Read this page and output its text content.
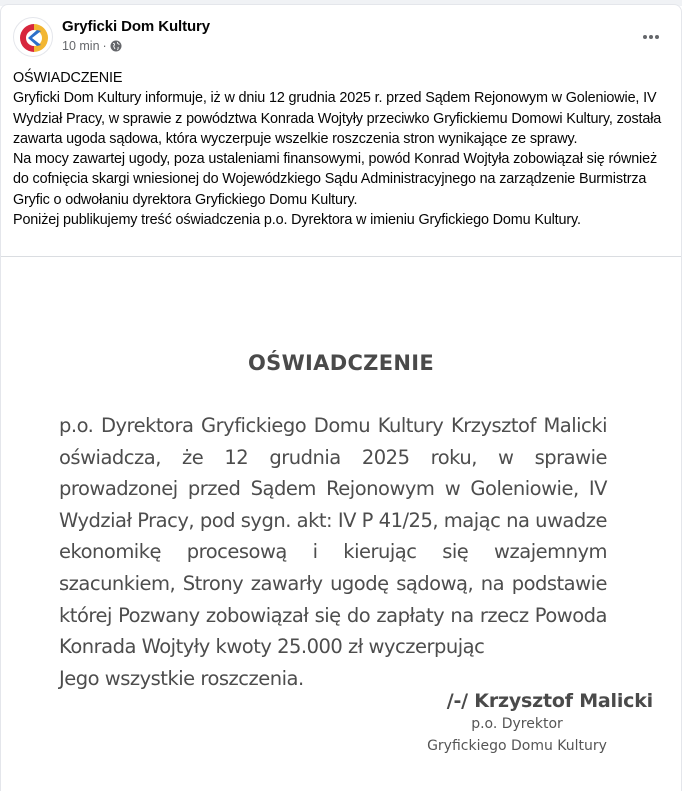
Gryficki Dom Kultury
10 min ·

OŚWIADCZENIE

Gryficki Dom Kultury informuje, iż w dniu 12 grudnia 2025 r. przed Sądem Rejonowym w Goleniowie, IV Wydział Pracy, w sprawie z powództwa Konrada Wojtyły przeciwko Gryfickiemu Domowi Kultury, została zawarta ugoda sądowa, która wyczerpuje wszelkie roszczenia stron wynikające ze sprawy.

Na mocy zawartej ugody, poza ustaleniami finansowymi, powód Konrad Wojtyła zobowiązał się również do cofnięcia skargi wniesionej do Wojewódzkiego Sądu Administracyjnego na zarządzenie Burmistrza Gryfic o odwołaniu dyrektora Gryfickiego Domu Kultury.

Poniżej publikujemy treść oświadczenia p.o. Dyrektora w imieniu Gryfickiego Domu Kultury.

OŚWIADCZENIE
p.o. Dyrektora Gryfickiego Domu Kultury Krzysztof Malicki oświadcza, że 12 grudnia 2025 roku, w sprawie prowadzonej przed Sądem Rejonowym w Goleniowie, IV Wydział Pracy, pod sygn. akt: IV P 41/25, mając na uwadze ekonomikę procesową i kierując się wzajemnym szacunkiem, Strony zawarły ugodę sądową, na podstawie której Pozwany zobowiązał się do zapłaty na rzecz Powoda Konrada Wojtyły kwoty 25.000 zł wyczerpując
Jego wszystkie roszczenia.
/-/ Krzysztof Malicki
p.o. Dyrektor
Gryfickiego Domu Kultury
